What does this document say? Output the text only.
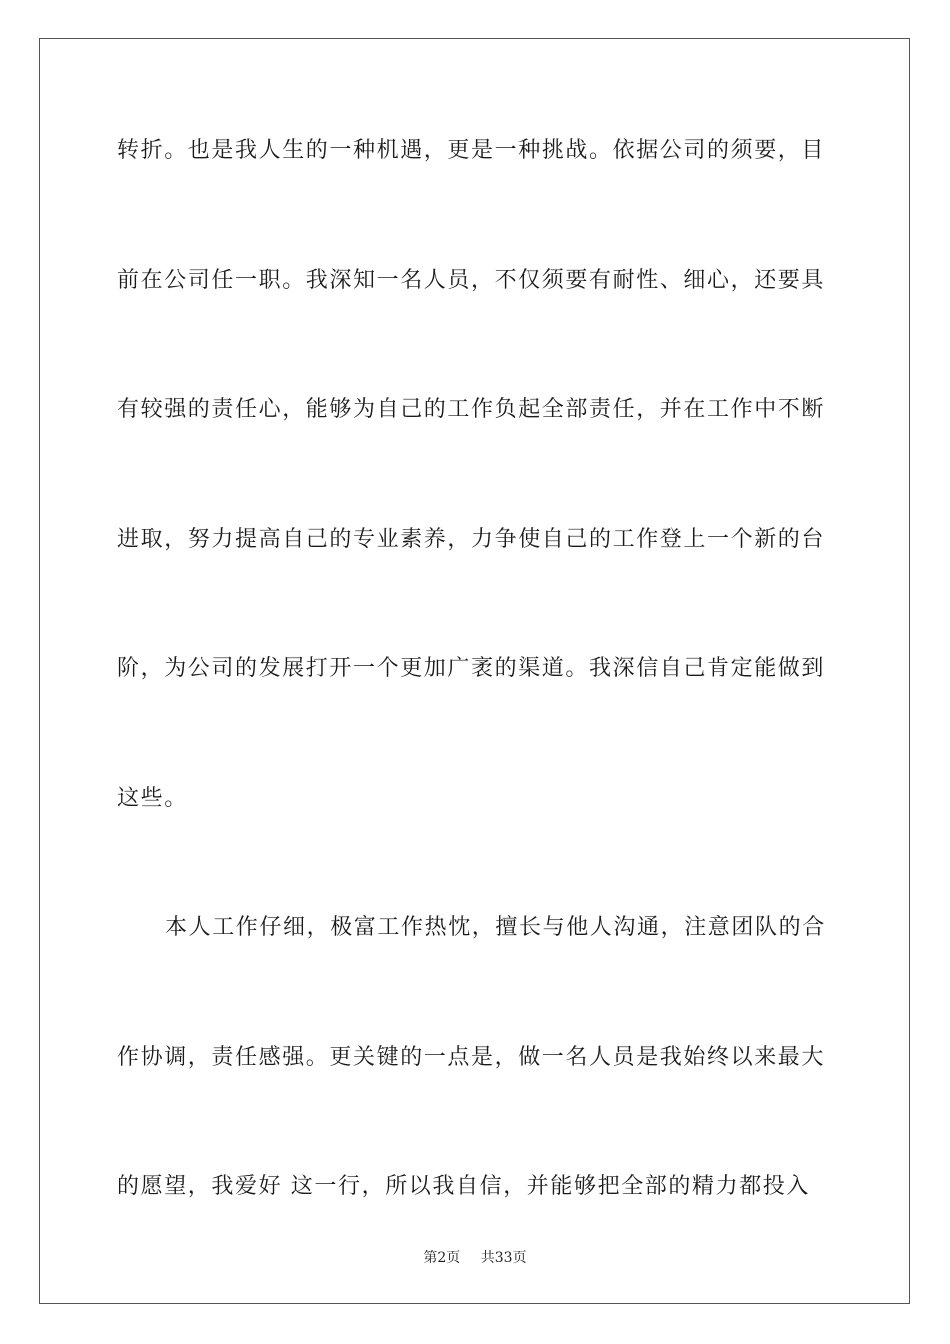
转折。也是我人生的一种机遇，更是一种挑战。依据公司的须要，目
前在公司任一职。我深知一名人员，不仅须要有耐性、细心，还要具
有较强的责任心，能够为自己的工作负起全部责任，并在工作中不断
进取，努力提高自己的专业素养，力争使自己的工作登上一个新的台
阶，为公司的发展打开一个更加广袤的渠道。我深信自己肯定能做到
这些。
本人工作仔细，极富工作热忱，擅长与他人沟通，注意团队的合
作协调，责任感强。更关键的一点是，做一名人员是我始终以来最大
的愿望，我爱好 这一行，所以我自信，并能够把全部的精力都投入
第2页 共33页
